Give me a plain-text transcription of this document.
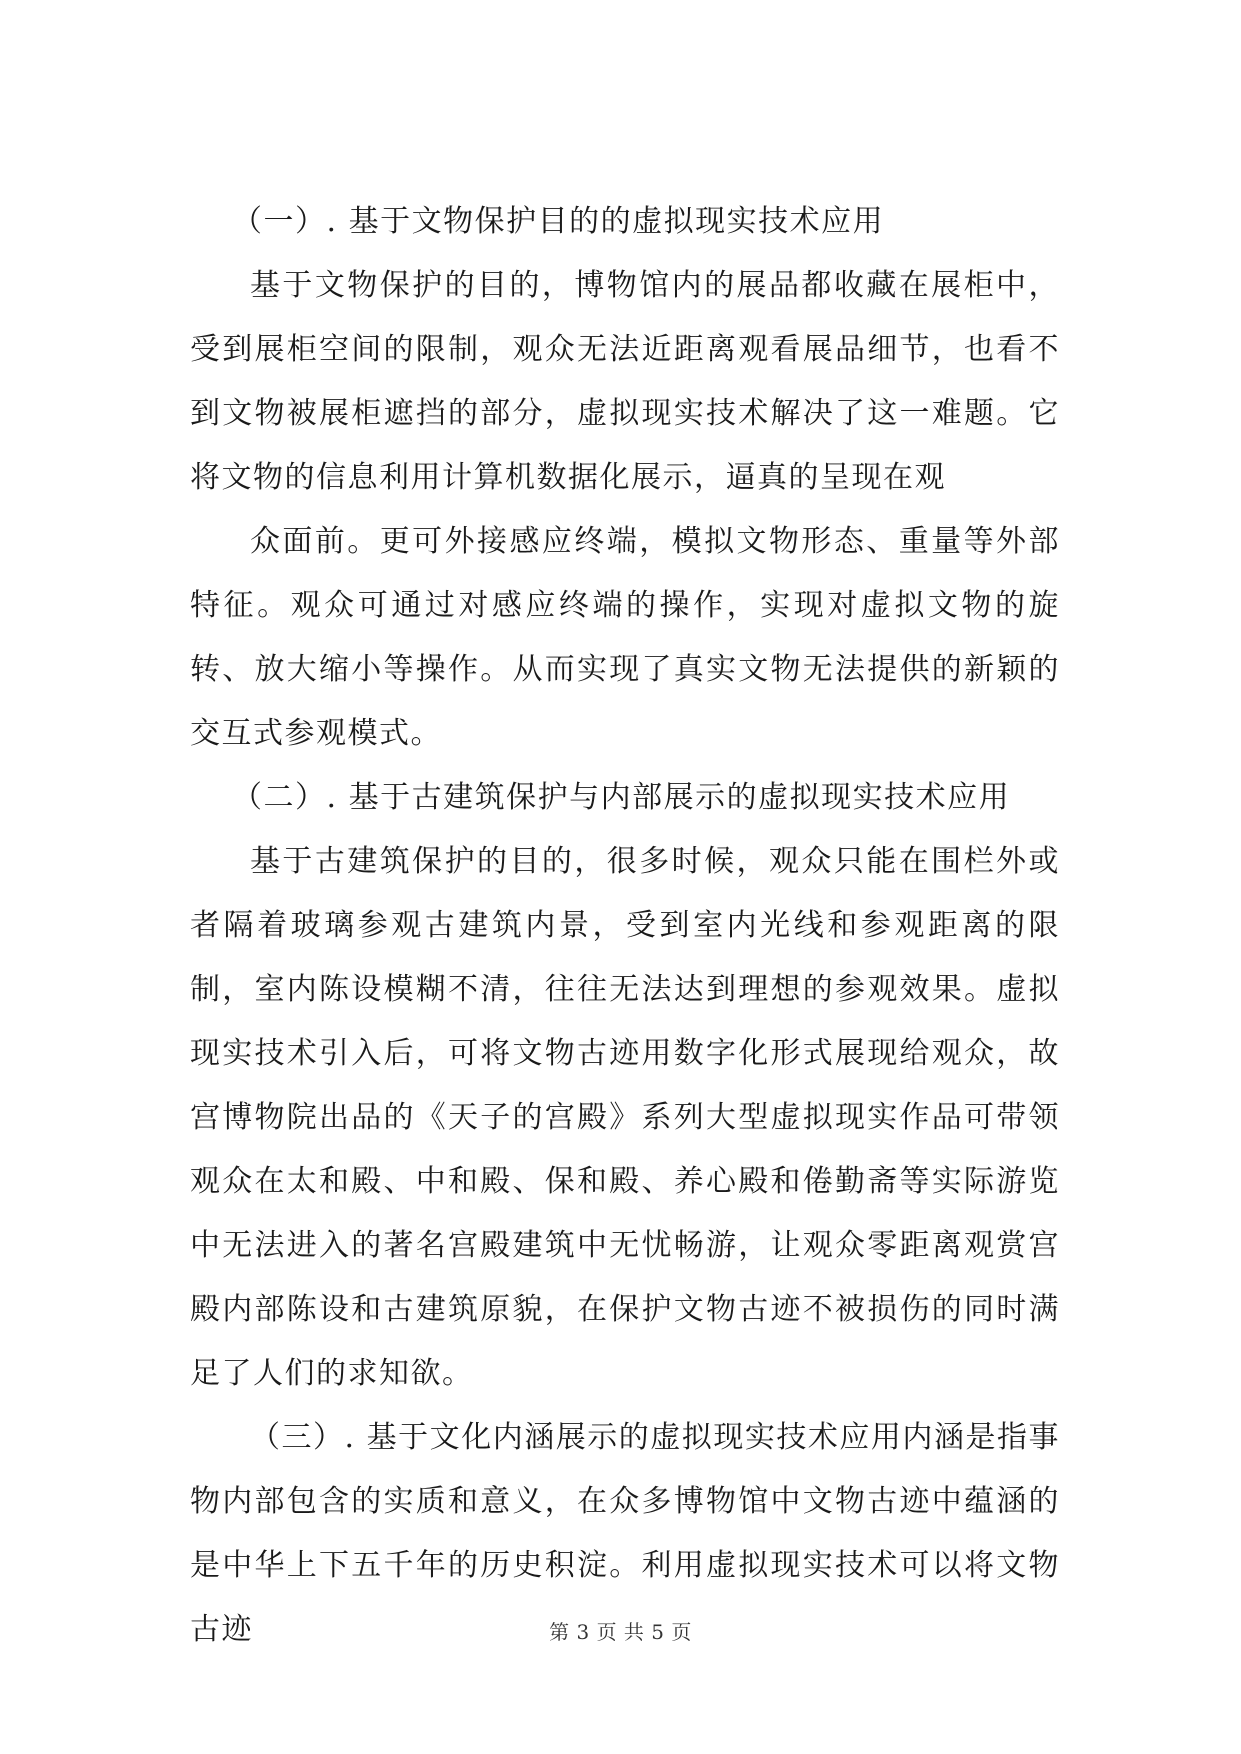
（一）. 基于文物保护目的的虚拟现实技术应用

基于文物保护的目的，博物馆内的展品都收藏在展柜中，受到展柜空间的限制，观众无法近距离观看展品细节，也看不到文物被展柜遮挡的部分，虚拟现实技术解决了这一难题。它将文物的信息利用计算机数据化展示，逼真的呈现在观

众面前。更可外接感应终端，模拟文物形态、重量等外部特征。观众可通过对感应终端的操作，实现对虚拟文物的旋转、放大缩小等操作。从而实现了真实文物无法提供的新颖的交互式参观模式。

（二）. 基于古建筑保护与内部展示的虚拟现实技术应用

基于古建筑保护的目的，很多时候，观众只能在围栏外或者隔着玻璃参观古建筑内景，受到室内光线和参观距离的限制，室内陈设模糊不清，往往无法达到理想的参观效果。虚拟现实技术引入后，可将文物古迹用数字化形式展现给观众，故宫博物院出品的《天子的宫殿》系列大型虚拟现实作品可带领观众在太和殿、中和殿、保和殿、养心殿和倦勤斋等实际游览中无法进入的著名宫殿建筑中无忧畅游，让观众零距离观赏宫殿内部陈设和古建筑原貌，在保护文物古迹不被损伤的同时满足了人们的求知欲。

（三）. 基于文化内涵展示的虚拟现实技术应用内涵是指事物内部包含的实质和意义，在众多博物馆中文物古迹中蕴涵的是中华上下五千年的历史积淀。利用虚拟现实技术可以将文物古迹	第 3 页 共 5 页
